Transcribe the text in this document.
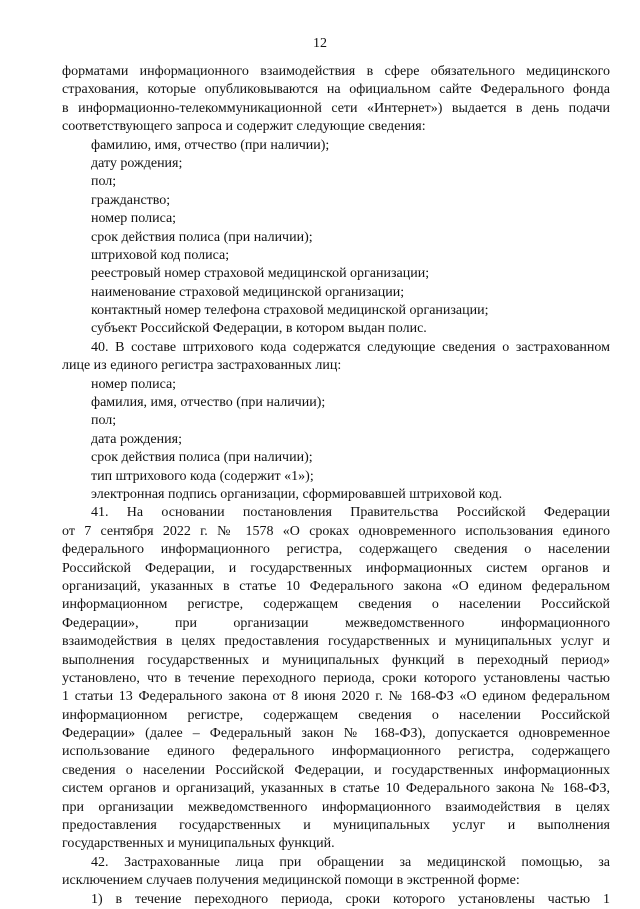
12
форматами информационного взаимодействия в сфере обязательного медицинского
страхования, которые опубликовываются на официальном сайте Федерального фонда
в информационно-телекоммуникационной сети «Интернет») выдается в день подачи
соответствующего запроса и содержит следующие сведения:
фамилию, имя, отчество (при наличии);
дату рождения;
пол;
гражданство;
номер полиса;
срок действия полиса (при наличии);
штриховой код полиса;
реестровый номер страховой медицинской организации;
наименование страховой медицинской организации;
контактный номер телефона страховой медицинской организации;
субъект Российской Федерации, в котором выдан полис.
40. В составе штрихового кода содержатся следующие сведения о застрахованном
лице из единого регистра застрахованных лиц:
номер полиса;
фамилия, имя, отчество (при наличии);
пол;
дата рождения;
срок действия полиса (при наличии);
тип штрихового кода (содержит «1»);
электронная подпись организации, сформировавшей штриховой код.
41. На основании постановления Правительства Российской Федерации
от 7 сентября 2022 г. № 1578 «О сроках одновременного использования единого
федерального информационного регистра, содержащего сведения о населении
Российской Федерации, и государственных информационных систем органов и
организаций, указанных в статье 10 Федерального закона «О едином федеральном
информационном регистре, содержащем сведения о населении Российской
Федерации», при организации межведомственного информационного
взаимодействия в целях предоставления государственных и муниципальных услуг и
выполнения государственных и муниципальных функций в переходный период»
установлено, что в течение переходного периода, сроки которого установлены частью
1 статьи 13 Федерального закона от 8 июня 2020 г. № 168-ФЗ «О едином федеральном
информационном регистре, содержащем сведения о населении Российской
Федерации» (далее – Федеральный закон № 168-ФЗ), допускается одновременное
использование единого федерального информационного регистра, содержащего
сведения о населении Российской Федерации, и государственных информационных
систем органов и организаций, указанных в статье 10 Федерального закона № 168-ФЗ,
при организации межведомственного информационного взаимодействия в целях
предоставления государственных и муниципальных услуг и выполнения
государственных и муниципальных функций.
42. Застрахованные лица при обращении за медицинской помощью, за
исключением случаев получения медицинской помощи в экстренной форме:
1) в течение переходного периода, сроки которого установлены частью 1
